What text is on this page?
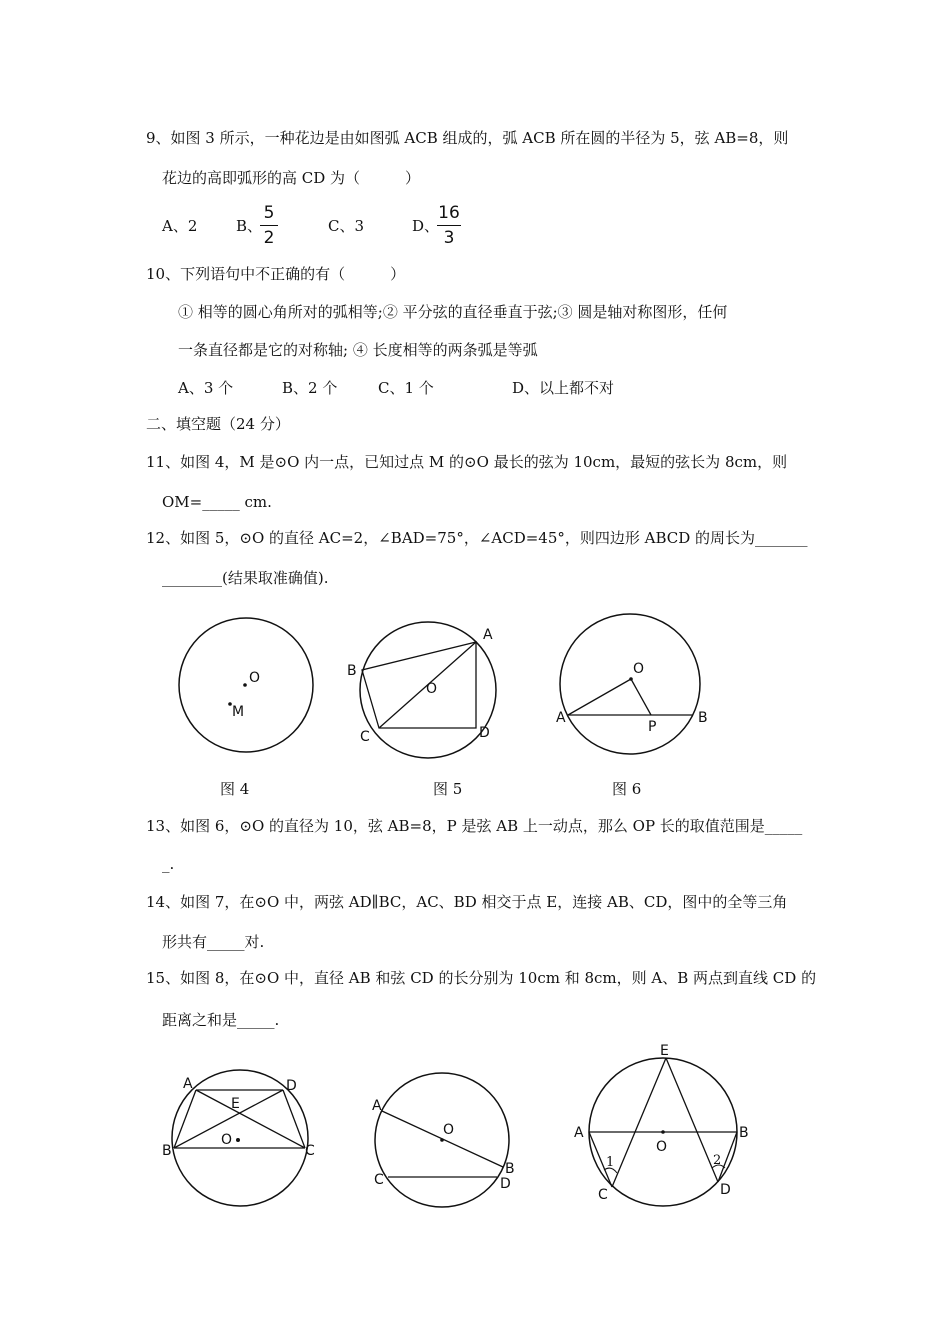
9、如图 3 所示，一种花边是由如图弧 ACB 组成的，弧 ACB 所在圆的半径为 5，弦 AB=8，则
花边的高即弧形的高 CD 为（　　　）
A、2	B、
5
2
C、3	D、
16
3
10、下列语句中不正确的有（　　　）
① 相等的圆心角所对的弧相等;② 平分弦的直径垂直于弦;③ 圆是轴对称图形，任何
一条直径都是它的对称轴; ④ 长度相等的两条弧是等弧
A、3 个	B、2 个	C、1 个	D、以上都不对
二、填空题（24 分）
11、如图 4，M 是⊙O 内一点，已知过点 M 的⊙O 最长的弦为 10cm，最短的弦长为 8cm，则
OM=_____ cm.
12、如图 5，⊙O 的直径 AC=2，∠BAD=75°，∠ACD=45°，则四边形 ABCD 的周长为_______
________(结果取准确值).
O
M
A
B
C	D
O
O
A	B
P
图 4	图 5	图 6
13、如图 6，⊙O 的直径为 10，弦 AB=8，P 是弦 AB 上一动点，那么 OP 长的取值范围是_____
_.
14、如图 7，在⊙O 中，两弦 AD∥BC，AC、BD 相交于点 E，连接 AB、CD，图中的全等三角
形共有_____对.
15、如图 8，在⊙O 中，直径 AB 和弦 CD 的长分别为 10cm 和 8cm，则 A、B 两点到直线 CD 的
距离之和是_____.
A	D
E
B	C
O
A
O
B
C	D
E
A
O
B
C	D
1	2
